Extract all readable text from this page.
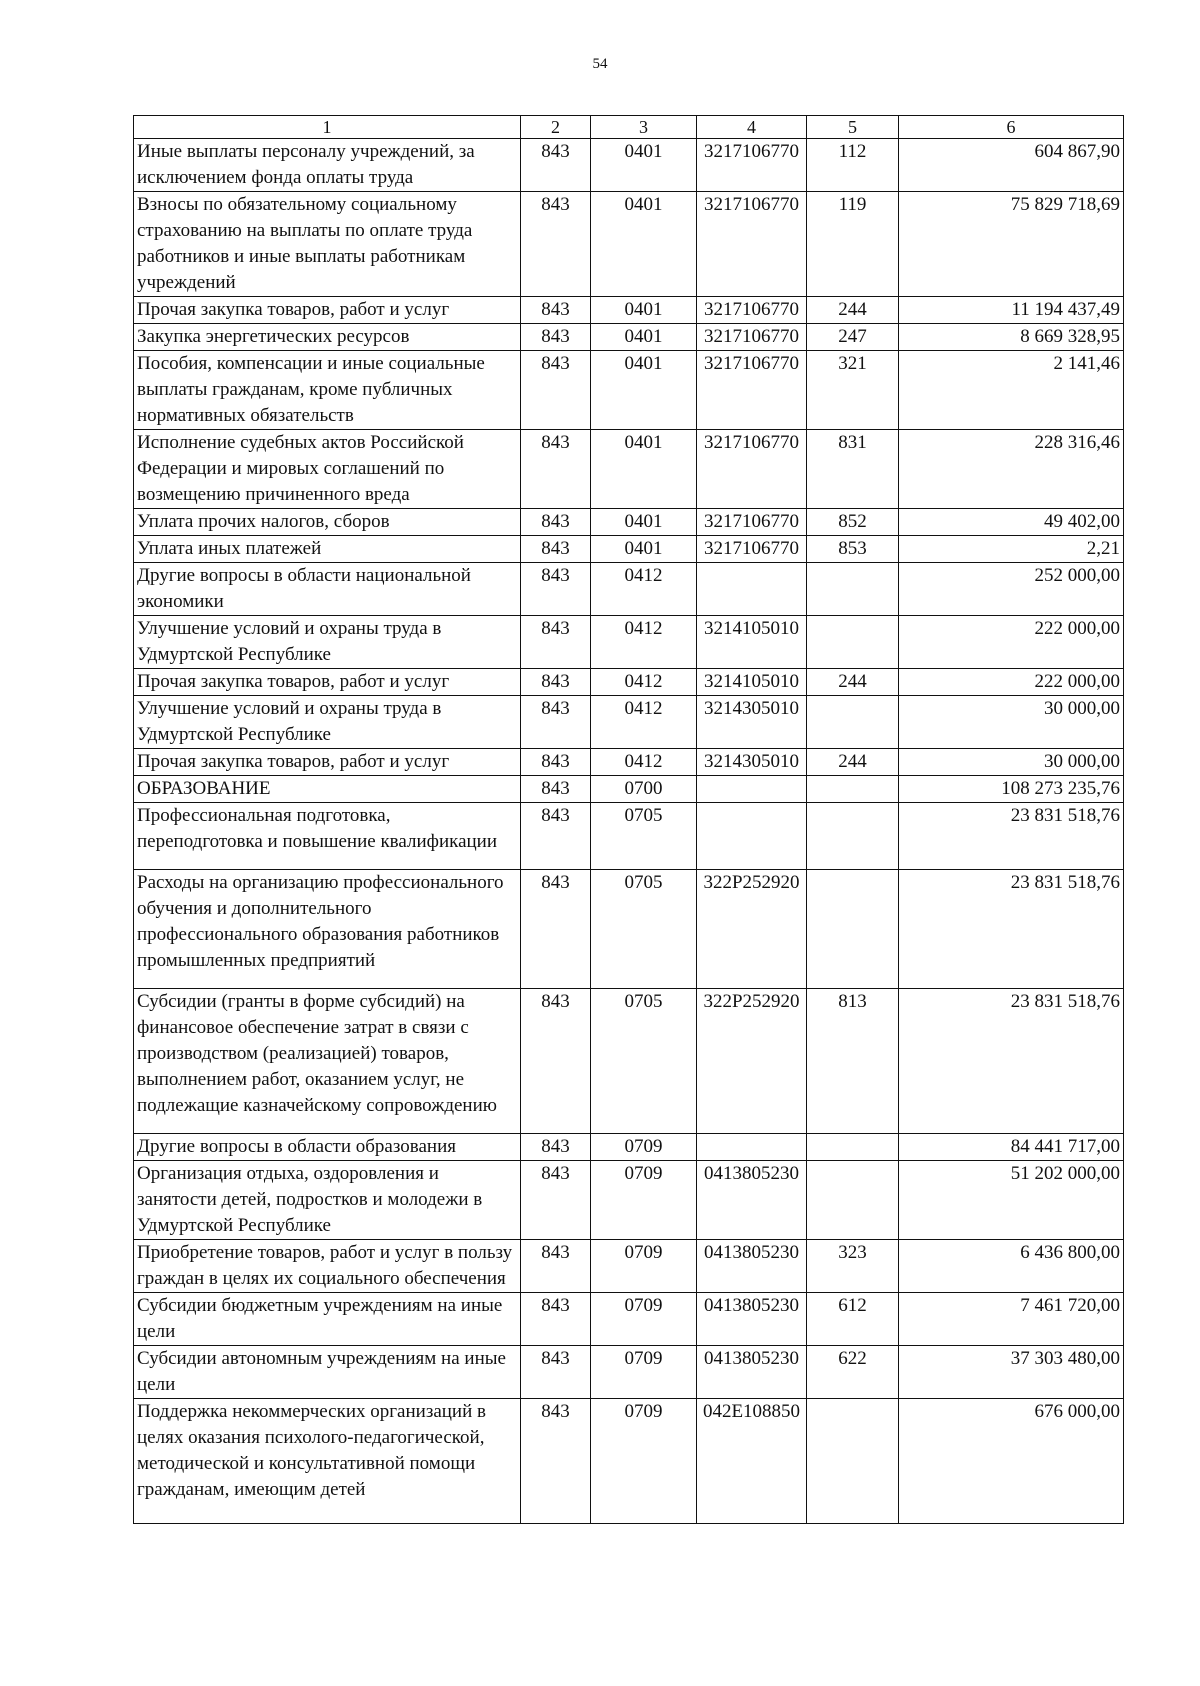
54
1	2	3	4	5	6
Иные выплаты персоналу учреждений, за исключением фонда оплаты труда	843	0401	3217106770	112	604 867,90
Взносы по обязательному социальному страхованию на выплаты по оплате труда работников и иные выплаты работникам учреждений	843	0401	3217106770	119	75 829 718,69
Прочая закупка товаров, работ и услуг	843	0401	3217106770	244	11 194 437,49
Закупка энергетических ресурсов	843	0401	3217106770	247	8 669 328,95
Пособия, компенсации и иные социальные выплаты гражданам, кроме публичных нормативных обязательств	843	0401	3217106770	321	2 141,46
Исполнение судебных актов Российской Федерации и мировых соглашений по возмещению причиненного вреда	843	0401	3217106770	831	228 316,46
Уплата прочих налогов, сборов	843	0401	3217106770	852	49 402,00
Уплата иных платежей	843	0401	3217106770	853	2,21
Другие вопросы в области национальной экономики	843	0412			252 000,00
Улучшение условий и охраны труда в Удмуртской Республике	843	0412	3214105010		222 000,00
Прочая закупка товаров, работ и услуг	843	0412	3214105010	244	222 000,00
Улучшение условий и охраны труда в Удмуртской Республике	843	0412	3214305010		30 000,00
Прочая закупка товаров, работ и услуг	843	0412	3214305010	244	30 000,00
ОБРАЗОВАНИЕ	843	0700			108 273 235,76
Профессиональная подготовка, переподготовка и повышение квалификации	843	0705			23 831 518,76
Расходы на организацию профессионального обучения и дополнительного профессионального образования работников промышленных предприятий	843	0705	322P252920		23 831 518,76
Субсидии (гранты в форме субсидий) на финансовое обеспечение затрат в связи с производством (реализацией) товаров, выполнением работ, оказанием услуг, не подлежащие казначейскому сопровождению	843	0705	322P252920	813	23 831 518,76
Другие вопросы в области образования	843	0709			84 441 717,00
Организация отдыха, оздоровления и занятости детей, подростков и молодежи в Удмуртской Республике	843	0709	0413805230		51 202 000,00
Приобретение товаров, работ и услуг в пользу граждан в целях их социального обеспечения	843	0709	0413805230	323	6 436 800,00
Субсидии бюджетным учреждениям на иные цели	843	0709	0413805230	612	7 461 720,00
Субсидии автономным учреждениям на иные цели	843	0709	0413805230	622	37 303 480,00
Поддержка некоммерческих организаций в целях оказания психолого-педагогической, методической и консультативной помощи гражданам, имеющим детей	843	0709	042E108850		676 000,00
